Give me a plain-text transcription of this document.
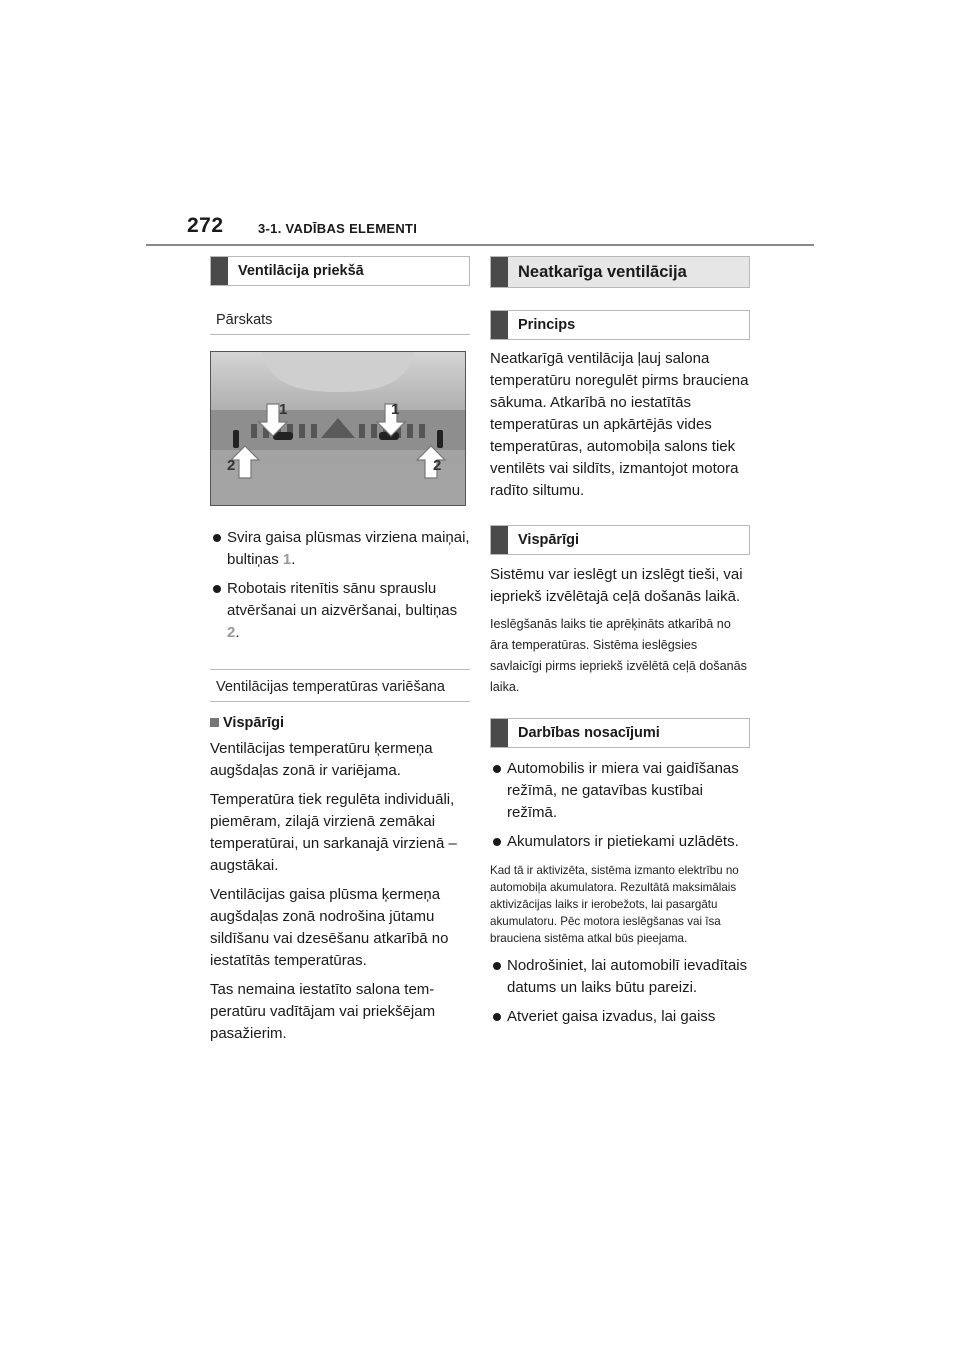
272	3-1. VADĪBAS ELEMENTI
Ventilācija priekšā
Pārskats
1	1
2	2
Svira gaisa plūsmas virziena maiņai, bultiņas 1.
Robotais ritenītis sānu sprauslu atvēršanai un aizvēršanai, bultiņas 2.
Ventilācijas temperatūras variēšana
Vispārīgi

Ventilācijas temperatūru ķermeņa augšdaļas zonā ir variējama.

Temperatūra tiek regulēta individuāli, piemēram, zilajā virzienā zemākai temperatūrai, un sarkanajā virzienā – augstākai.

Ventilācijas gaisa plūsma ķermeņa augšdaļas zonā nodrošina jūtamu sildīšanu vai dzesēšanu atkarībā no iestatītās temperatūras.

Tas nemaina iestatīto salona temperatūru vadītājam vai priekšējam pasažierim.

Neatkarīga ventilācija
Princips

Neatkarīgā ventilācija ļauj salona temperatūru noregulēt pirms brauciena sākuma. Atkarībā no iestatītās temperatūras un apkārtējās vides temperatūras, automobiļa salons tiek ventilēts vai sildīts, izmantojot motora radīto siltumu.

Vispārīgi

Sistēmu var ieslēgt un izslēgt tieši, vai iepriekš izvēlētajā ceļā došanās laikā.

Ieslēgšanās laiks tie aprēķināts atkarībā no āra temperatūras. Sistēma ieslēgsies savlaicīgi pirms iepriekš izvēlētā ceļā došanās laika.

Darbības nosacījumi
Automobilis ir miera vai gaidīšanas režīmā, ne gatavības kustībai režīmā.
Akumulators ir pietiekami uzlādēts.

Kad tā ir aktivizēta, sistēma izmanto elektrību no automobiļa akumulatora. Rezultātā maksimālais aktivizācijas laiks ir ierobežots, lai pasargātu akumulatoru. Pēc motora ieslēgšanas vai īsa brauciena sistēma atkal būs pieejama.

Nodrošiniet, lai automobilī ievadītais datums un laiks būtu pareizi.
Atveriet gaisa izvadus, lai gaiss
